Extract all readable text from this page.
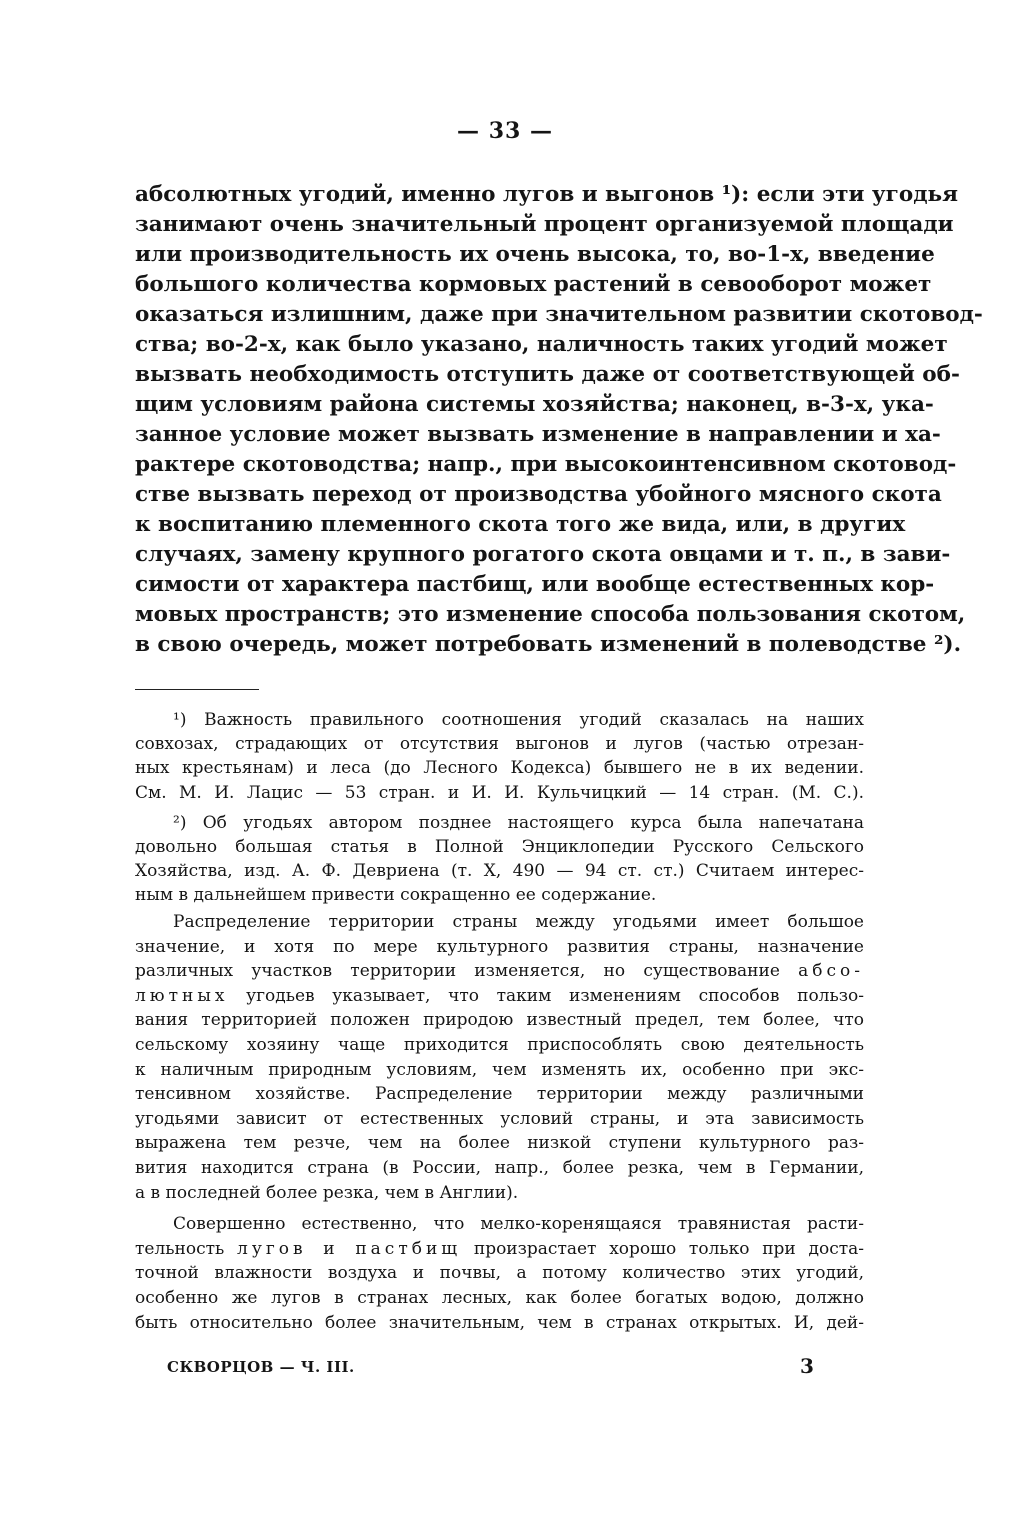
— 33 —
абсолютных угодий, именно лугов и выгонов ¹): если эти угодья
занимают очень значительный процент организуемой площади
или производительность их очень высока, то, во-1-х, введение
большого количества кормовых растений в севооборот может
оказаться излишним, даже при значительном развитии скотовод-
ства; во-2-х, как было указано, наличность таких угодий может
вызвать необходимость отступить даже от соответствующей об-
щим условиям района системы хозяйства; наконец, в-3-х, ука-
занное условие может вызвать изменение в направлении и ха-
рактере скотоводства; напр., при высокоинтенсивном скотовод-
стве вызвать переход от производства убойного мясного скота
к воспитанию племенного скота того же вида, или, в других
случаях, замену крупного рогатого скота овцами и т. п., в зави-
симости от характера пастбищ, или вообще естественных кор-
мовых пространств; это изменение способа пользования скотом,
в свою очередь, может потребовать изменений в полеводстве ²).
¹) Важность правильного соотношения угодий сказалась на наших
совхозах, страдающих от отсутствия выгонов и лугов (частью отрезан-
ных крестьянам) и леса (до Лесного Кодекса) бывшего не в их ведении.
См. М. И. Лацис — 53 стран. и И. И. Кульчицкий — 14 стран. (М. С.).
²) Об угодьях автором позднее настоящего курса была напечатана
довольно большая статья в Полной Энциклопедии Русского Сельского
Хозяйства, изд. А. Ф. Девриена (т. X, 490 — 94 ст. ст.) Считаем интерес-
ным в дальнейшем привести сокращенно ее содержание.
Распределение территории страны между угодьями имеет большое
значение, и хотя по мере культурного развития страны, назначение
различных участков территории изменяется, но существование абсо-
лютных угодьев указывает, что таким изменениям способов пользо-
вания территорией положен природою известный предел, тем более, что
сельскому хозяину чаще приходится приспособлять свою деятельность
к наличным природным условиям, чем изменять их, особенно при экс-
тенсивном хозяйстве. Распределение территории между различными
угодьями зависит от естественных условий страны, и эта зависимость
выражена тем резче, чем на более низкой ступени культурного раз-
вития находится страна (в России, напр., более резка, чем в Германии,
а в последней более резка, чем в Англии).
Совершенно естественно, что мелко-коренящаяся травянистая расти-
тельность лугов и пастбищ произрастает хорошо только при доста-
точной влажности воздуха и почвы, а потому количество этих угодий,
особенно же лугов в странах лесных, как более богатых водою, должно
быть относительно более значительным, чем в странах открытых. И, дей-
СКВОРЦОВ — Ч. III.	3
